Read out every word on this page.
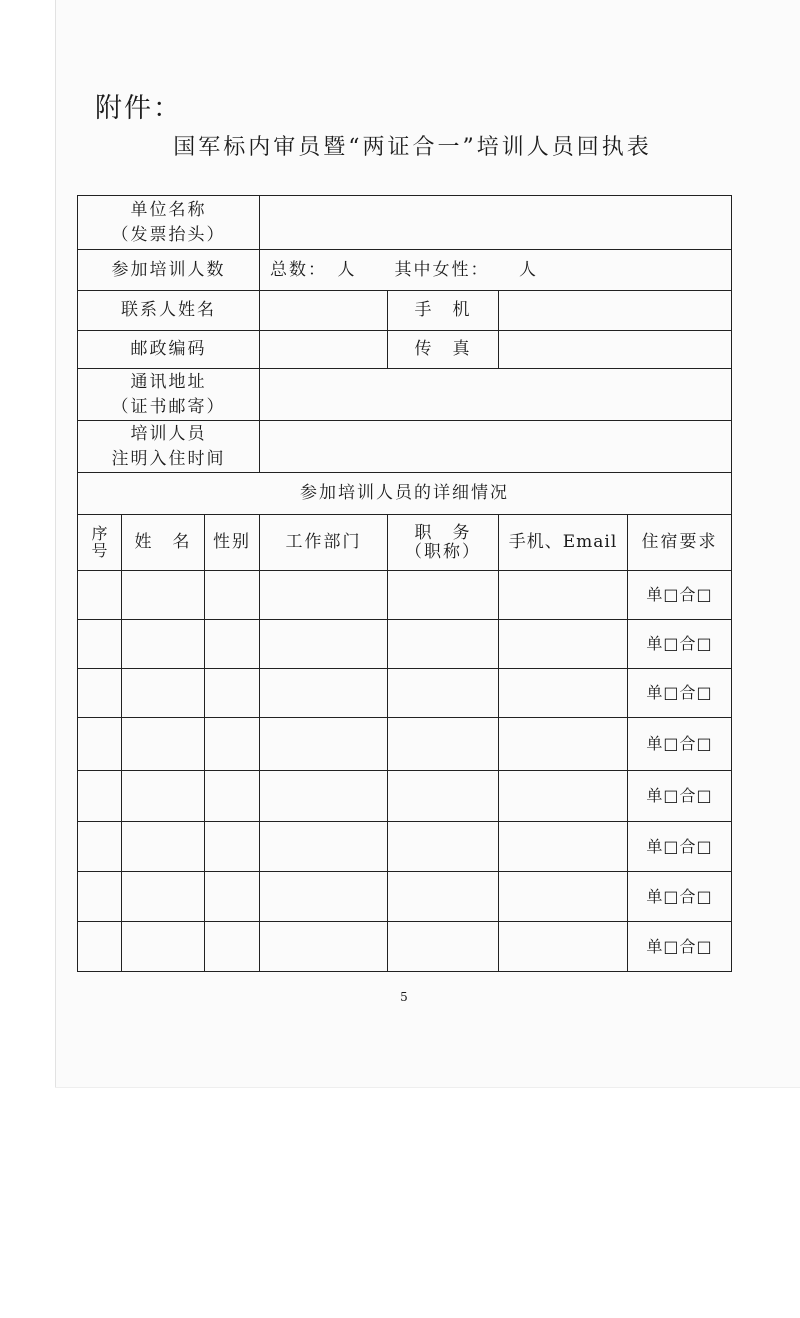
附件：
国军标内审员暨“两证合一”培训人员回执表
单位名称
（发票抬头）						

参加培训人数			总数：　人　　其中女性：　　人			
联系人姓名				手　机		
邮政编码				传　真		

通讯地址
（证书邮寄）						

培训人员
注明入住时间						

参加培训人员的详细情况						

序号	姓　名	性别	工作部门	职　务
（职称）	手机、Email	住宿要求
						单□合□
						单□合□
						单□合□
						单□合□
						单□合□
						单□合□
						单□合□
						单□合□
5
